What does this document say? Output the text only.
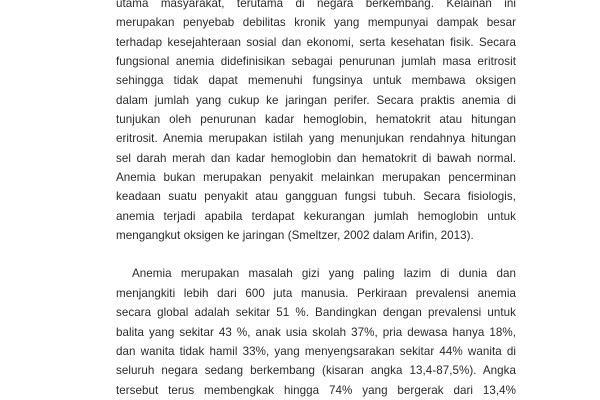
utama masyarakat, terutama di negara berkembang. Kelainan ini
merupakan penyebab debilitas kronik yang mempunyai dampak besar
terhadap kesejahteraan sosial dan ekonomi, serta kesehatan fisik. Secara
fungsional anemia didefinisikan sebagai penurunan jumlah masa eritrosit
sehingga tidak dapat memenuhi fungsinya untuk membawa oksigen
dalam jumlah yang cukup ke jaringan perifer. Secara praktis anemia di
tunjukan oleh penurunan kadar hemoglobin, hematokrit atau hitungan
eritrosit. Anemia merupakan istilah yang menunjukan rendahnya hitungan
sel darah merah dan kadar hemoglobin dan hematokrit di bawah normal.
Anemia bukan merupakan penyakit melainkan merupakan pencerminan
keadaan suatu penyakit atau gangguan fungsi tubuh. Secara fisiologis,
anemia terjadi apabila terdapat kekurangan jumlah hemoglobin untuk
mengangkut oksigen ke jaringan (Smeltzer, 2002 dalam Arifin, 2013).
Anemia merupakan masalah gizi yang paling lazim di dunia dan
menjangkiti lebih dari 600 juta manusia. Perkiraan prevalensi anemia
secara global adalah sekitar 51 %. Bandingkan dengan prevalensi untuk
balita yang sekitar 43 %, anak usia skolah 37%, pria dewasa hanya 18%,
dan wanita tidak hamil 33%, yang menyengsarakan sekitar 44% wanita di
seluruh negara sedang berkembang (kisaran angka 13,4-87,5%). Angka
tersebut terus membengkak hingga 74% yang bergerak dari 13,4%
